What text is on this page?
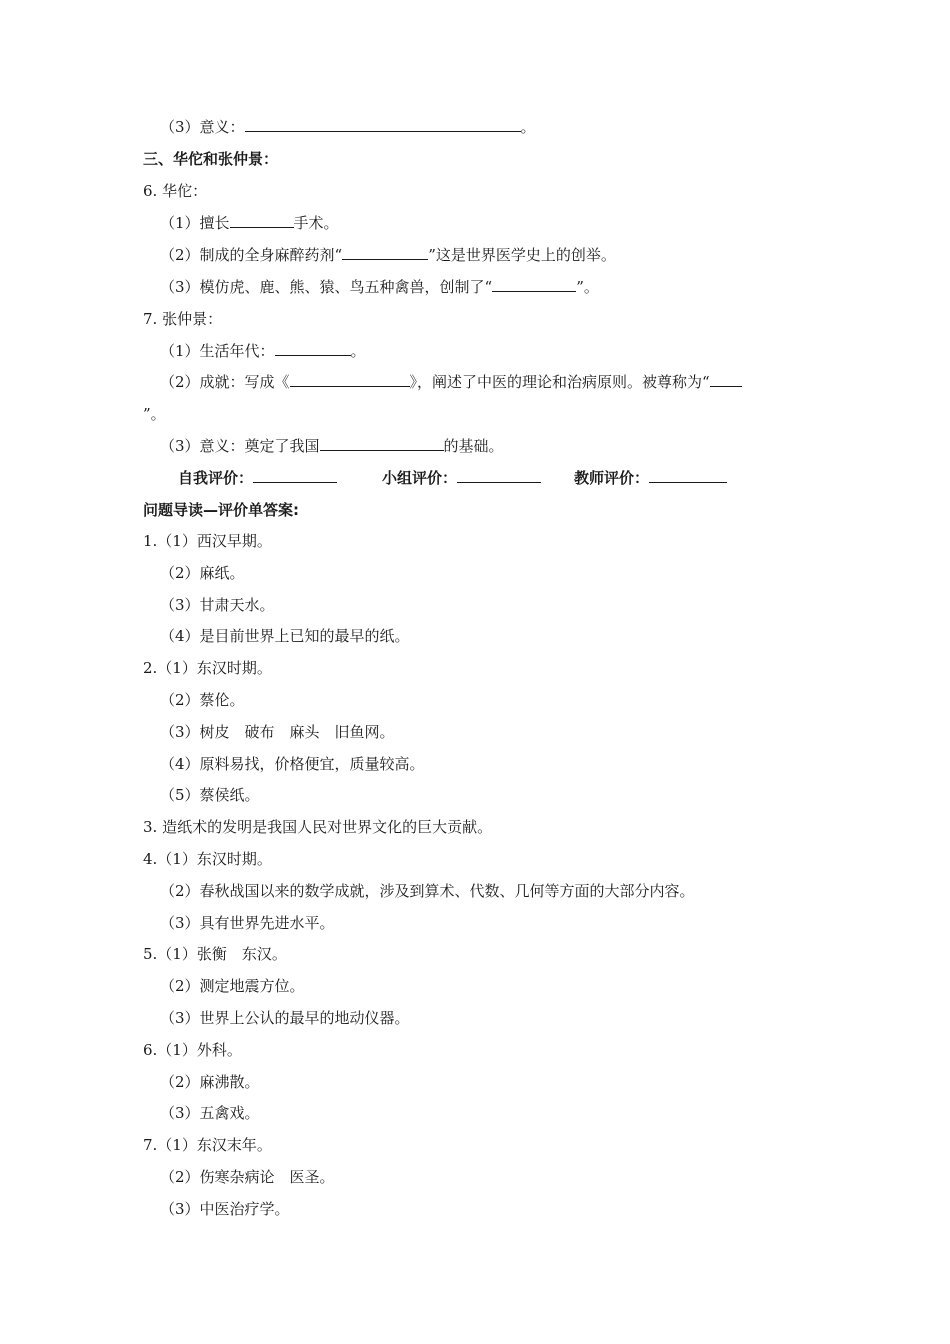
（3）意义：	。
三、华佗和张仲景：
6. 华佗：
（1）擅长	手术。
（2）制成的全身麻醉药剂“	”这是世界医学史上的创举。
（3）模仿虎、鹿、熊、猿、鸟五种禽兽，创制了“	”。
7. 张仲景：
（1）生活年代：	。
（2）成就：写成《	》，阐述了中医的理论和治病原则。被尊称为“
”。
（3）意义：奠定了我国	的基础。
自我评价：	小组评价：	教师评价：
问题导读—评价单答案:
1.（1）西汉早期。
（2）麻纸。
（3）甘肃天水。
（4）是目前世界上已知的最早的纸。
2.（1）东汉时期。
（2）蔡伦。
（3）树皮　破布　麻头　旧鱼网。
（4）原料易找，价格便宜，质量较高。
（5）蔡侯纸。
3. 造纸术的发明是我国人民对世界文化的巨大贡献。
4.（1）东汉时期。
（2）春秋战国以来的数学成就，涉及到算术、代数、几何等方面的大部分内容。
（3）具有世界先进水平。
5.（1）张衡　东汉。
（2）测定地震方位。
（3）世界上公认的最早的地动仪器。
6.（1）外科。
（2）麻沸散。
（3）五禽戏。
7.（1）东汉末年。
（2）伤寒杂病论　医圣。
（3）中医治疗学。
